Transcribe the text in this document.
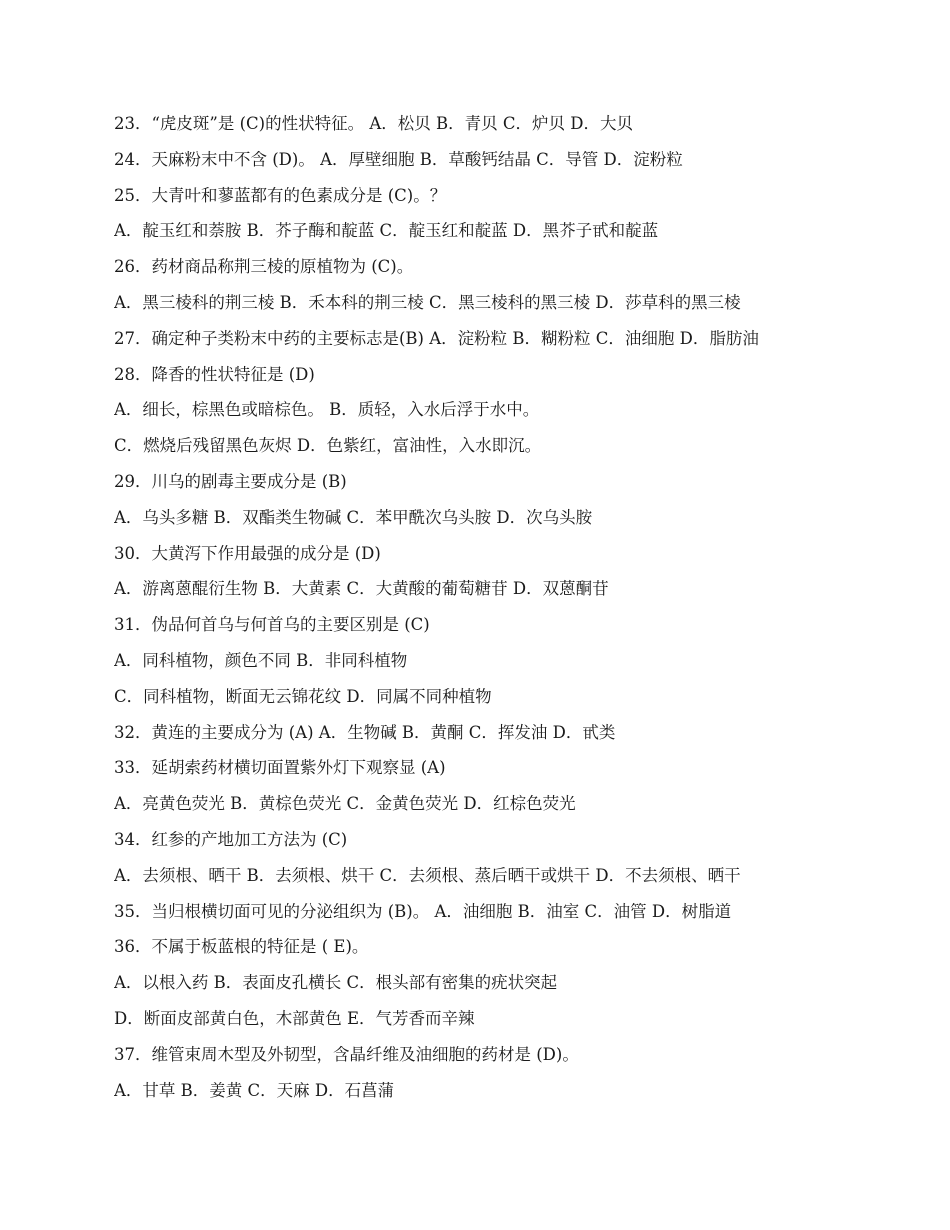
23．“虎皮斑”是 (C)的性状特征。 A．松贝 B．青贝 C．炉贝 D．大贝
24．天麻粉末中不含 (D)。 A．厚壁细胞 B．草酸钙结晶 C．导管 D．淀粉粒
25．大青叶和蓼蓝都有的色素成分是 (C)。？
A．靛玉红和萘胺 B．芥子酶和靛蓝 C．靛玉红和靛蓝 D．黑芥子甙和靛蓝
26．药材商品称荆三棱的原植物为 (C)。
A．黑三棱科的荆三棱 B．禾本科的荆三棱 C．黑三棱科的黑三棱 D．莎草科的黑三棱
27．确定种子类粉末中药的主要标志是(B) A．淀粉粒 B．糊粉粒 C．油细胞 D．脂肪油
28．降香的性状特征是 (D)
A．细长，棕黑色或暗棕色。 B．质轻，入水后浮于水中。
C．燃烧后残留黑色灰烬 D．色紫红，富油性，入水即沉。
29．川乌的剧毒主要成分是 (B)
A．乌头多糖 B．双酯类生物碱 C．苯甲酰次乌头胺 D．次乌头胺
30．大黄泻下作用最强的成分是 (D)
A．游离蒽醌衍生物 B．大黄素 C．大黄酸的葡萄糖苷 D．双蒽酮苷
31．伪品何首乌与何首乌的主要区别是 (C)
A．同科植物，颜色不同 B．非同科植物
C．同科植物，断面无云锦花纹 D．同属不同种植物
32．黄连的主要成分为 (A) A．生物碱 B．黄酮 C．挥发油 D．甙类
33．延胡索药材横切面置紫外灯下观察显 (A)
A．亮黄色荧光 B．黄棕色荧光 C．金黄色荧光 D．红棕色荧光
34．红参的产地加工方法为 (C)
A．去须根、晒干 B．去须根、烘干 C．去须根、蒸后晒干或烘干 D．不去须根、晒干
35．当归根横切面可见的分泌组织为 (B)。 A．油细胞 B．油室 C．油管 D．树脂道
36．不属于板蓝根的特征是 ( E)。
A．以根入药 B．表面皮孔横长 C．根头部有密集的疣状突起
D．断面皮部黄白色，木部黄色 E．气芳香而辛辣
37．维管束周木型及外韧型，含晶纤维及油细胞的药材是 (D)。
A．甘草 B．姜黄 C．天麻 D．石菖蒲
